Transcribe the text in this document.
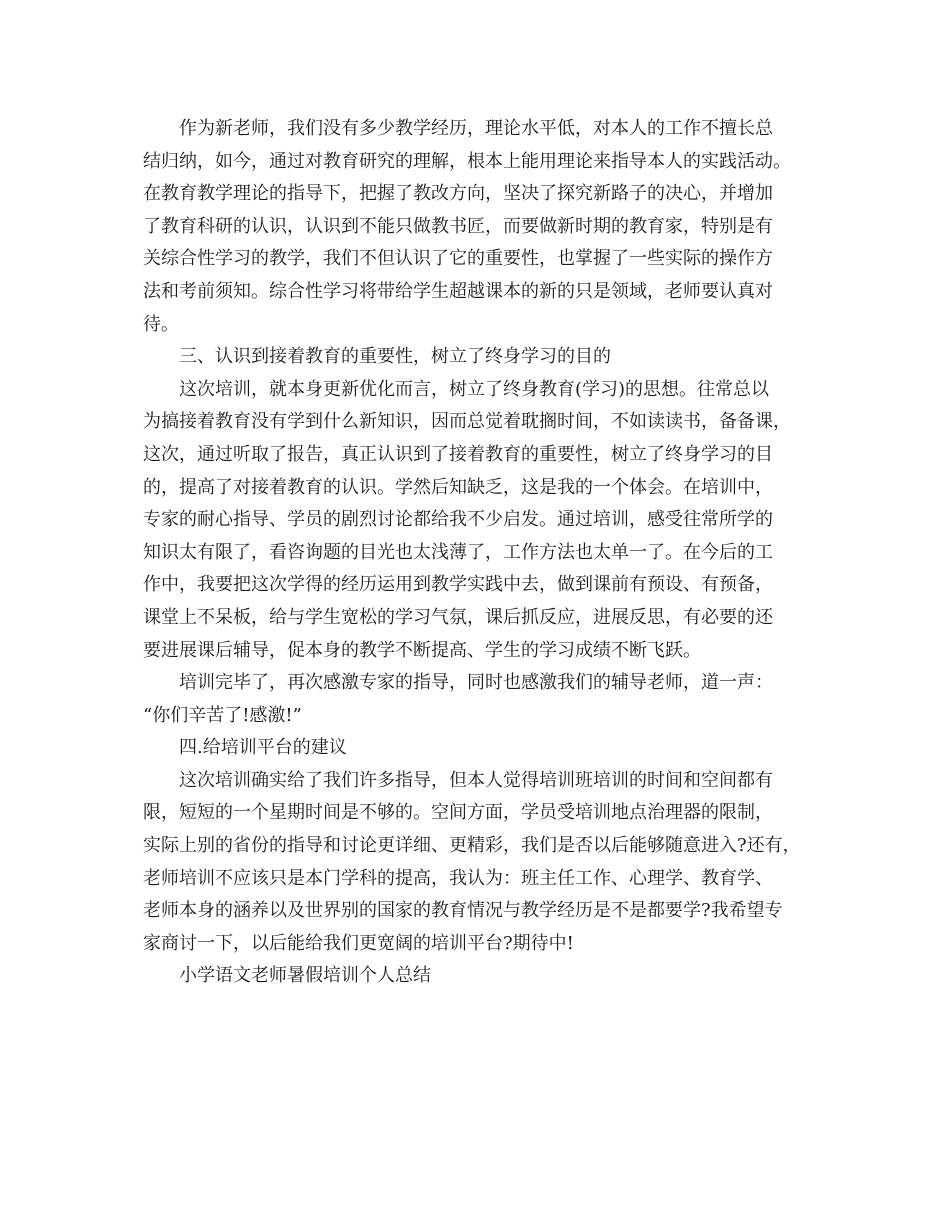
作为新老师，我们没有多少教学经历，理论水平低，对本人的工作不擅长总
结归纳，如今，通过对教育研究的理解，根本上能用理论来指导本人的实践活动。
在教育教学理论的指导下，把握了教改方向，坚决了探究新路子的决心，并增加
了教育科研的认识，认识到不能只做教书匠，而要做新时期的教育家，特别是有
关综合性学习的教学，我们不但认识了它的重要性，也掌握了一些实际的操作方
法和考前须知。综合性学习将带给学生超越课本的新的只是领域，老师要认真对
待。
三、认识到接着教育的重要性，树立了终身学习的目的
这次培训，就本身更新优化而言，树立了终身教育(学习)的思想。往常总以
为搞接着教育没有学到什么新知识，因而总觉着耽搁时间，不如读读书，备备课，
这次，通过听取了报告，真正认识到了接着教育的重要性，树立了终身学习的目
的，提高了对接着教育的认识。学然后知缺乏，这是我的一个体会。在培训中，
专家的耐心指导、学员的剧烈讨论都给我不少启发。通过培训，感受往常所学的
知识太有限了，看咨询题的目光也太浅薄了，工作方法也太单一了。在今后的工
作中，我要把这次学得的经历运用到教学实践中去，做到课前有预设、有预备，
课堂上不呆板，给与学生宽松的学习气氛，课后抓反应，进展反思，有必要的还
要进展课后辅导，促本身的教学不断提高、学生的学习成绩不断飞跃。
培训完毕了，再次感激专家的指导，同时也感激我们的辅导老师，道一声：
“你们辛苦了!感激!”
四.给培训平台的建议
这次培训确实给了我们许多指导，但本人觉得培训班培训的时间和空间都有
限，短短的一个星期时间是不够的。空间方面，学员受培训地点治理器的限制，
实际上别的省份的指导和讨论更详细、更精彩，我们是否以后能够随意进入?还有，
老师培训不应该只是本门学科的提高，我认为：班主任工作、心理学、教育学、
老师本身的涵养以及世界别的国家的教育情况与教学经历是不是都要学?我希望专
家商讨一下，以后能给我们更宽阔的培训平台?期待中!
小学语文老师暑假培训个人总结
